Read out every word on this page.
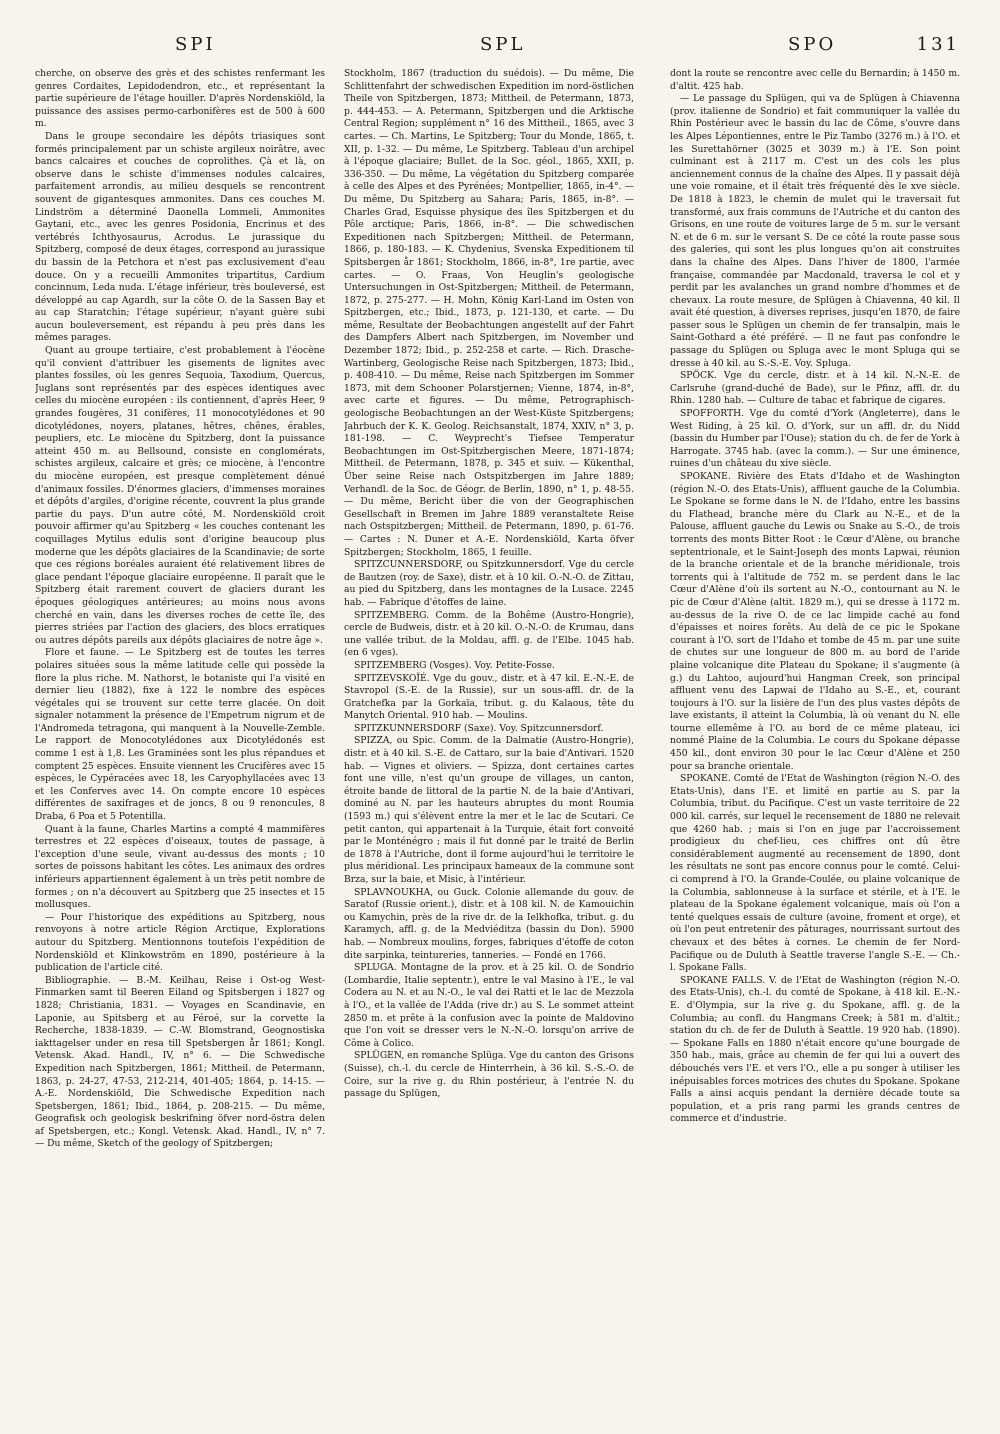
SPI	SPL	SPO	131

cherche, on observe des grès et des schistes renfermant les genres Cordaites, Lepidodendron, etc., et représentant la partie supérieure de l'étage houiller. D'après Nordenskiöld, la puissance des assises permo-carbonifères est de 500 à 600 m.

Dans le groupe secondaire les dépôts triasiques sont formés principalement par un schiste argileux noirâtre, avec bancs calcaires et couches de coprolithes. Çà et là, on observe dans le schiste d'immenses nodules calcaires, parfaitement arrondis, au milieu desquels se rencontrent souvent de gigantesques ammonites. Dans ces couches M. Lindström a déterminé Daonella Lommeli, Ammonites Gaytani, etc., avec les genres Posidonia, Encrinus et des vertébrés Ichthyosaurus, Acrodus. Le jurassique du Spitzberg, composé de deux étages, correspond au jurassique du bassin de la Petchora et n'est pas exclusivement d'eau douce. On y a recueilli Ammonites tripartitus, Cardium concinnum, Leda nuda. L'étage inférieur, très bouleversé, est développé au cap Agardh, sur la côte O. de la Sassen Bay et au cap Staratchin; l'étage supérieur, n'ayant guère subi aucun bouleversement, est répandu à peu près dans les mêmes parages.

Quant au groupe tertiaire, c'est probablement à l'éocène qu'il convient d'attribuer les gisements de lignites avec plantes fossiles, où les genres Sequoia, Taxodium, Quercus, Juglans sont représentés par des espèces identiques avec celles du miocène européen : ils contiennent, d'après Heer, 9 grandes fougères, 31 conifères, 11 monocotylédones et 90 dicotylédones, noyers, platanes, hêtres, chênes, érables, peupliers, etc. Le miocène du Spitzberg, dont la puissance atteint 450 m. au Bellsound, consiste en conglomérats, schistes argileux, calcaire et grès; ce miocène, à l'encontre du miocène européen, est presque complètement dénué d'animaux fossiles. D'énormes glaciers, d'immenses moraines et dépôts d'argiles, d'origine récente, couvrent la plus grande partie du pays. D'un autre côté, M. Nordenskiöld croit pouvoir affirmer qu'au Spitzberg « les couches contenant les coquillages Mytilus edulis sont d'origine beaucoup plus moderne que les dépôts glaciaires de la Scandinavie; de sorte que ces régions boréales auraient été relativement libres de glace pendant l'époque glaciaire européenne. Il paraît que le Spitzberg était rarement couvert de glaciers durant les époques géologiques antérieures; au moins nous avons cherché en vain, dans les diverses roches de cette île, des pierres striées par l'action des glaciers, des blocs erratiques ou autres dépôts pareils aux dépôts glaciaires de notre âge ».

Flore et faune. — Le Spitzberg est de toutes les terres polaires situées sous la même latitude celle qui possède la flore la plus riche. M. Nathorst, le botaniste qui l'a visité en dernier lieu (1882), fixe à 122 le nombre des espèces végétales qui se trouvent sur cette terre glacée. On doit signaler notamment la présence de l'Empetrum nigrum et de l'Andromeda tetragona, qui manquent à la Nouvelle-Zemble. Le rapport de Monocotylédones aux Dicotylédonés est comme 1 est à 1,8. Les Graminées sont les plus répandues et comptent 25 espèces. Ensuite viennent les Crucifères avec 15 espèces, le Cypéracées avec 18, les Caryophyllacées avec 13 et les Conferves avec 14. On compte encore 10 espèces différentes de saxifrages et de joncs, 8 ou 9 renoncules, 8 Draba, 6 Poa et 5 Potentilla.

Quant à la faune, Charles Martins a compté 4 mammifères terrestres et 22 espèces d'oiseaux, toutes de passage, à l'exception d'une seule, vivant au-dessus des monts ; 10 sortes de poissons habitant les côtes. Les animaux des ordres inférieurs appartiennent également à un très petit nombre de formes ; on n'a découvert au Spitzberg que 25 insectes et 15 mollusques.

— Pour l'historique des expéditions au Spitzberg, nous renvoyons à notre article Région Arctique, Explorations autour du Spitzberg. Mentionnons toutefois l'expédition de Nordenskiöld et Klinkowström en 1890, postérieure à la publication de l'article cité.

Bibliographie. — B.-M. Keilhau, Reise i Ost-og West-Finmarken samt til Beeren Eiland og Spitsbergen i 1827 og 1828; Christiania, 1831. — Voyages en Scandinavie, en Laponie, au Spitsberg et au Féroé, sur la corvette la Recherche, 1838-1839. — C.-W. Blomstrand, Geognostiska iakttagelser under en resa till Spetsbergen år 1861; Kongl. Vetensk. Akad. Handl., IV, n° 6. — Die Schwedische Expedition nach Spitzbergen, 1861; Mittheil. de Petermann, 1863, p. 24-27, 47-53, 212-214, 401-405; 1864, p. 14-15. — A.-E. Nordenskiöld, Die Schwedische Expedition nach Spetsbergen, 1861; Ibid., 1864, p. 208-215. — Du même, Geografisk och geologisk beskrifning öfver nord-östra delen af Spetsbergen, etc.; Kongl. Vetensk. Akad. Handl., IV, n° 7. — Du même, Sketch of the geology of Spitzbergen;

Stockholm, 1867 (traduction du suédois). — Du même, Die Schlittenfahrt der schwedischen Expedition im nord-östlichen Theile von Spitzbergen, 1873; Mittheil. de Petermann, 1873, p. 444-453. — A. Petermann, Spitzbergen und die Arktische Central Region; supplément n° 16 des Mittheil., 1865, avec 3 cartes. — Ch. Martins, Le Spitzberg; Tour du Monde, 1865, t. XII, p. 1-32. — Du même, Le Spitzberg. Tableau d'un archipel à l'époque glaciaire; Bullet. de la Soc. géol., 1865, XXII, p. 336-350. — Du même, La végétation du Spitzberg comparée à celle des Alpes et des Pyrénées; Montpellier, 1865, in-4°. — Du même, Du Spitzberg au Sahara; Paris, 1865, in-8°. — Charles Grad, Esquisse physique des îles Spitzbergen et du Pôle arctique; Paris, 1866, in-8°. — Die schwedischen Expeditionen nach Spitzbergen; Mittheil. de Petermann, 1866, p. 180-183. — K. Chydenius, Svenska Expeditionem til Spitsbergen år 1861; Stockholm, 1866, in-8°, 1re partie, avec cartes. — O. Fraas, Von Heuglin's geologische Untersuchungen in Ost-Spitzbergen; Mittheil. de Petermann, 1872, p. 275-277. — H. Mohn, König Karl-Land im Osten von Spitzbergen, etc.; Ibid., 1873, p. 121-130, et carte. — Du même, Resultate der Beobachtungen angestellt auf der Fahrt des Dampfers Albert nach Spitzbergen, im November und Dezember 1872; Ibid., p. 252-258 et carte. — Rich. Drasche-Wartinberg, Geologische Reise nach Spitzbergen, 1873; Ibid., p. 408-410. — Du même, Reise nach Spitzbergen im Sommer 1873, mit dem Schooner Polarstjernen; Vienne, 1874, in-8°, avec carte et figures. — Du même, Petrographisch-geologische Beobachtungen an der West-Küste Spitzbergens; Jahrbuch der K. K. Geolog. Reichsanstalt, 1874, XXIV, n° 3, p. 181-198. — C. Weyprecht's Tiefsee Temperatur Beobachtungen im Ost-Spitzbergischen Meere, 1871-1874; Mittheil. de Petermann, 1878, p. 345 et suiv. — Kükenthal, Über seine Reise nach Ostspitzbergen im Jahre 1889; Verhandl. de la Soc. de Géogr. de Berlin, 1890, n° 1, p. 48-55. — Du même, Bericht über die von der Geographischen Gesellschaft in Bremen im Jahre 1889 veranstaltete Reise nach Ostspitzbergen; Mittheil. de Petermann, 1890, p. 61-76. — Cartes : N. Duner et A.-E. Nordenskiöld, Karta öfver Spitzbergen; Stockholm, 1865, 1 feuille.

SPITZCUNNERSDORF, ou Spitzkunnersdorf. Vge du cercle de Bautzen (roy. de Saxe), distr. et à 10 kil. O.-N.-O. de Zittau, au pied du Spitzberg, dans les montagnes de la Lusace. 2245 hab. — Fabrique d'étoffes de laine.

SPITZEMBERG. Comm. de la Bohême (Austro-Hongrie), cercle de Budweis, distr. et à 20 kil. O.-N.-O. de Krumau, dans une vallée tribut. de la Moldau, affl. g. de l'Elbe. 1045 hab. (en 6 vges).

SPITZEMBERG (Vosges). Voy. Petite-Fosse.

SPITZEVSKOÏÉ. Vge du gouv., distr. et à 47 kil. E.-N.-E. de Stavropol (S.-E. de la Russie), sur un sous-affl. dr. de la Gratchefka par la Gorkaïa, tribut. g. du Kalaous, tête du Manytch Oriental. 910 hab. — Moulins.

SPITZKUNNERSDORF (Saxe). Voy. Spitzcunnersdorf.

SPIZZA, ou Spic. Comm. de la Dalmatie (Austro-Hongrie), distr. et à 40 kil. S.-E. de Cattaro, sur la baie d'Antivari. 1520 hab. — Vignes et oliviers. — Spizza, dont certaines cartes font une ville, n'est qu'un groupe de villages, un canton, étroite bande de littoral de la partie N. de la baie d'Antivari, dominé au N. par les hauteurs abruptes du mont Roumia (1593 m.) qui s'élèvent entre la mer et le lac de Scutari. Ce petit canton, qui appartenait à la Turquie, était fort convoité par le Monténégro ; mais il fut donné par le traité de Berlin de 1878 à l'Autriche, dont il forme aujourd'hui le territoire le plus méridional. Les principaux hameaux de la commune sont Brza, sur la baie, et Misic, à l'intérieur.

SPLAVNOUKHA, ou Guck. Colonie allemande du gouv. de Saratof (Russie orient.), distr. et à 108 kil. N. de Kamouichin ou Kamychin, près de la rive dr. de la Ielkhofka, tribut. g. du Karamych, affl. g. de la Medviéditza (bassin du Don). 5900 hab. — Nombreux moulins, forges, fabriques d'étoffe de coton dite sarpinka, teintureries, tanneries. — Fondé en 1766.

SPLUGA. Montagne de la prov. et à 25 kil. O. de Sondrio (Lombardie, Italie septentr.), entre le val Masino à l'E., le val Codera au N. et au N.-O., le val dei Ratti et le lac de Mezzola à l'O., et la vallée de l'Adda (rive dr.) au S. Le sommet atteint 2850 m. et prête à la confusion avec la pointe de Maldovino que l'on voit se dresser vers le N.-N.-O. lorsqu'on arrive de Côme à Colico.

SPLÜGEN, en romanche Splüga. Vge du canton des Grisons (Suisse), ch.-l. du cercle de Hinterrhein, à 36 kil. S.-S.-O. de Coire, sur la rive g. du Rhin postérieur, à l'entrée N. du passage du Splügen,

dont la route se rencontre avec celle du Bernardin; à 1450 m. d'altit. 425 hab.

— Le passage du Splügen, qui va de Splügen à Chiavenna (prov. italienne de Sondrio) et fait communiquer la vallée du Rhin Postérieur avec le bassin du lac de Côme, s'ouvre dans les Alpes Lépontiennes, entre le Piz Tambo (3276 m.) à l'O. et les Surettahörner (3025 et 3039 m.) à l'E. Son point culminant est à 2117 m. C'est un des cols les plus anciennement connus de la chaîne des Alpes. Il y passait déjà une voie romaine, et il était très fréquenté dès le xve siècle. De 1818 à 1823, le chemin de mulet qui le traversait fut transformé, aux frais communs de l'Autriche et du canton des Grisons, en une route de voitures large de 5 m. sur le versant N. et de 6 m. sur le versant S. De ce côté la route passe sous des galeries, qui sont les plus longues qu'on ait construites dans la chaîne des Alpes. Dans l'hiver de 1800, l'armée française, commandée par Macdonald, traversa le col et y perdit par les avalanches un grand nombre d'hommes et de chevaux. La route mesure, de Splügen à Chiavenna, 40 kil. Il avait été question, à diverses reprises, jusqu'en 1870, de faire passer sous le Splügen un chemin de fer transalpin, mais le Saint-Gothard a été préféré. — Il ne faut pas confondre le passage du Splügen ou Spluga avec le mont Spluga qui se dresse à 40 kil. au S.-S.-E. Voy. Spluga.

SPÖCK. Vge du cercle, distr. et à 14 kil. N.-N.-E. de Carlsruhe (grand-duché de Bade), sur le Pfinz, affl. dr. du Rhin. 1280 hab. — Culture de tabac et fabrique de cigares.

SPOFFORTH. Vge du comté d'York (Angleterre), dans le West Riding, à 25 kil. O. d'York, sur un affl. dr. du Nidd (bassin du Humber par l'Ouse); station du ch. de fer de York à Harrogate. 3745 hab. (avec la comm.). — Sur une éminence, ruines d'un château du xive siècle.

SPOKANE. Rivière des Etats d'Idaho et de Washington (région N.-O. des Etats-Unis), affluent gauche de la Columbia. Le Spokane se forme dans le N. de l'Idaho, entre les bassins du Flathead, branche mère du Clark au N.-E., et de la Palouse, affluent gauche du Lewis ou Snake au S.-O., de trois torrents des monts Bitter Root : le Cœur d'Alène, ou branche septentrionale, et le Saint-Joseph des monts Lapwai, réunion de la branche orientale et de la branche méridionale, trois torrents qui à l'altitude de 752 m. se perdent dans le lac Cœur d'Alène d'où ils sortent au N.-O., contournant au N. le pic de Cœur d'Alène (altit. 1829 m.), qui se dresse à 1172 m. au-dessus de la rive O. de ce lac limpide caché au fond d'épaisses et noires forêts. Au delà de ce pic le Spokane courant à l'O. sort de l'Idaho et tombe de 45 m. par une suite de chutes sur une longueur de 800 m. au bord de l'aride plaine volcanique dite Plateau du Spokane; il s'augmente (à g.) du Lahtoo, aujourd'hui Hangman Creek, son principal affluent venu des Lapwai de l'Idaho au S.-E., et, courant toujours à l'O. sur la lisière de l'un des plus vastes dépôts de lave existants, il atteint la Columbia, là où venant du N. elle tourne ellemême à l'O. au bord de ce même plateau, ici nommé Plaine de la Columbia. Le cours du Spokane dépasse 450 kil., dont environ 30 pour le lac Cœur d'Alène et 250 pour sa branche orientale.

SPOKANE. Comté de l'Etat de Washington (région N.-O. des Etats-Unis), dans l'E. et limité en partie au S. par la Columbia, tribut. du Pacifique. C'est un vaste territoire de 22 000 kil. carrés, sur lequel le recensement de 1880 ne relevait que 4260 hab. ; mais si l'on en juge par l'accroissement prodigieux du chef-lieu, ces chiffres ont dû être considérablement augmenté au recensement de 1890, dont les résultats ne sont pas encore connus pour le comté. Celui-ci comprend à l'O. la Grande-Coulée, ou plaine volcanique de la Columbia, sablonneuse à la surface et stérile, et à l'E. le plateau de la Spokane également volcanique, mais où l'on a tenté quelques essais de culture (avoine, froment et orge), et où l'on peut entretenir des pâturages, nourrissant surtout des chevaux et des bêtes à cornes. Le chemin de fer Nord-Pacifique ou de Duluth à Seattle traverse l'angle S.-E. — Ch.-l. Spokane Falls.

SPOKANE FALLS. V. de l'Etat de Washington (région N.-O. des Etats-Unis), ch.-l. du comté de Spokane, à 418 kil. E.-N.-E. d'Olympia, sur la rive g. du Spokane, affl. g. de la Columbia; au confl. du Hangmans Creek; à 581 m. d'altit.; station du ch. de fer de Duluth à Seattle. 19 920 hab. (1890). — Spokane Falls en 1880 n'était encore qu'une bourgade de 350 hab., mais, grâce au chemin de fer qui lui a ouvert des débouchés vers l'E. et vers l'O., elle a pu songer à utiliser les inépuisables forces motrices des chutes du Spokane. Spokane Falls a ainsi acquis pendant la dernière décade toute sa population, et a pris rang parmi les grands centres de commerce et d'industrie.
